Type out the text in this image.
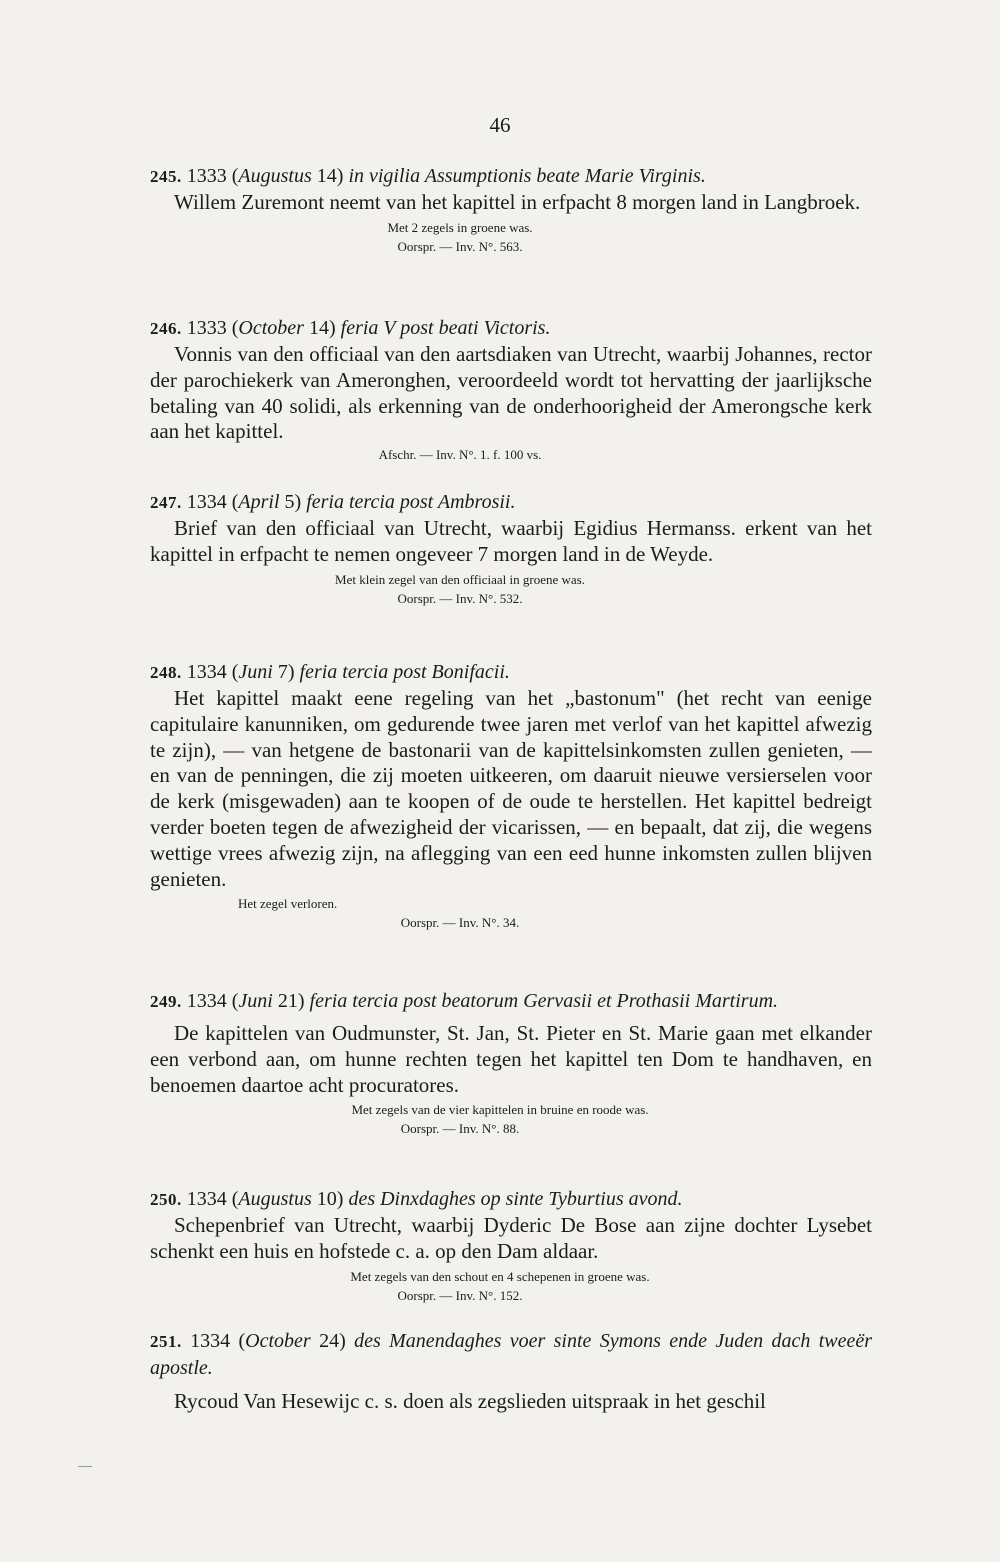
46
245. 1333 (Augustus 14) in vigilia Assumptionis beate Marie Virginis.
Willem Zuremont neemt van het kapittel in erfpacht 8 morgen land in Langbroek.
Met 2 zegels in groene was.
Oorspr. — Inv. N°. 563.
246. 1333 (October 14) feria V post beati Victoris.
Vonnis van den officiaal van den aartsdiaken van Utrecht, waarbij Johannes, rector der parochiekerk van Ameronghen, veroordeeld wordt tot hervatting der jaarlijksche betaling van 40 solidi, als erkenning van de onderhoorigheid der Amerongsche kerk aan het kapittel.
Afschr. — Inv. N°. 1. f. 100 vs.
247. 1334 (April 5) feria tercia post Ambrosii.
Brief van den officiaal van Utrecht, waarbij Egidius Hermanss. erkent van het kapittel in erfpacht te nemen ongeveer 7 morgen land in de Weyde.
Met klein zegel van den officiaal in groene was.
Oorspr. — Inv. N°. 532.
248. 1334 (Juni 7) feria tercia post Bonifacii.
Het kapittel maakt eene regeling van het „bastonum" (het recht van eenige capitulaire kanunniken, om gedurende twee jaren met verlof van het kapittel afwezig te zijn), — van hetgene de bastonarii van de kapittelsinkomsten zullen genieten, — en van de penningen, die zij moeten uitkeeren, om daaruit nieuwe versierselen voor de kerk (misgewaden) aan te koopen of de oude te herstellen. Het kapittel bedreigt verder boeten tegen de afwezigheid der vicarissen, — en bepaalt, dat zij, die wegens wettige vrees afwezig zijn, na aflegging van een eed hunne inkomsten zullen blijven genieten.
Het zegel verloren.
Oorspr. — Inv. N°. 34.
249. 1334 (Juni 21) feria tercia post beatorum Gervasii et Prothasii Martirum.
De kapittelen van Oudmunster, St. Jan, St. Pieter en St. Marie gaan met elkander een verbond aan, om hunne rechten tegen het kapittel ten Dom te handhaven, en benoemen daartoe acht procuratores.
Met zegels van de vier kapittelen in bruine en roode was.
Oorspr. — Inv. N°. 88.
250. 1334 (Augustus 10) des Dinxdaghes op sinte Tyburtius avond.
Schepenbrief van Utrecht, waarbij Dyderic De Bose aan zijne dochter Lysebet schenkt een huis en hofstede c. a. op den Dam aldaar.
Met zegels van den schout en 4 schepenen in groene was.
Oorspr. — Inv. N°. 152.
251. 1334 (October 24) des Manendaghes voer sinte Symons ende Juden dach tweeër apostle.
Rycoud Van Hesewijc c. s. doen als zegslieden uitspraak in het geschil
